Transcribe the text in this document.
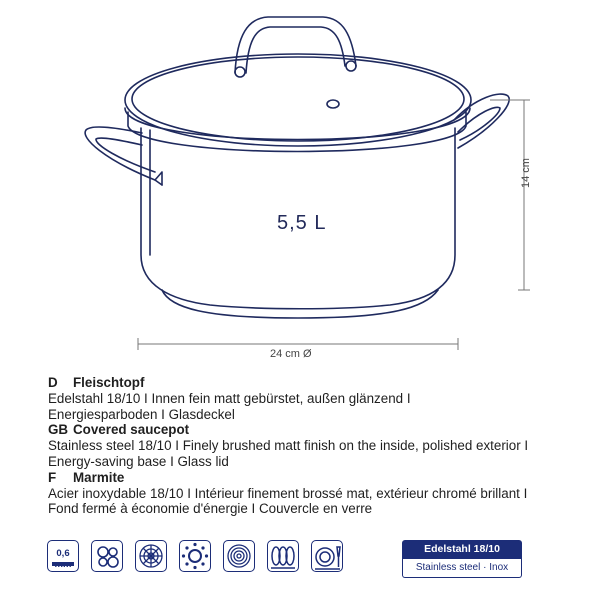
5,5 L
14 cm
24 cm Ø
D Fleischtopf
Edelstahl 18/10 I Innen fein matt gebürstet, außen glänzend I
Energiesparboden I Glasdeckel
GB Covered saucepot
Stainless steel 18/10 I Finely brushed matt finish on the inside, polished exterior I
Energy-saving base I Glass lid
F Marmite
Acier inoxydable 18/10 I Intérieur finement brossé mat, extérieur chromé brillant I
Fond fermé à économie d'énergie I Couvercle en verre
0,6	Edelstahl 18/10
Stainless steel · Inox
